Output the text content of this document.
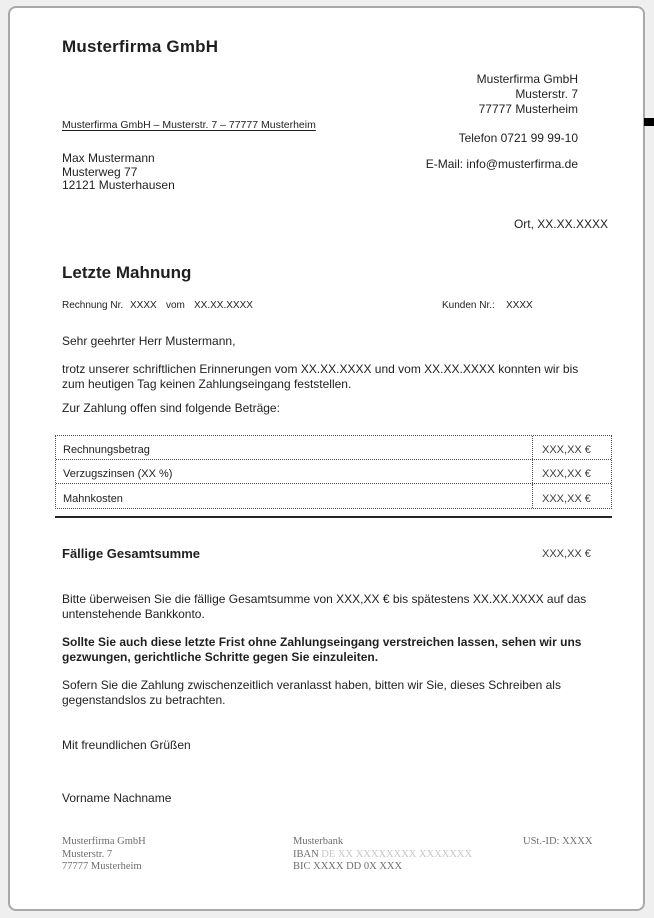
Musterfirma GmbH
Musterfirma GmbH
Musterstr. 7
77777 Musterheim
Telefon 0721 99 99-10
E-Mail: info@musterfirma.de
Musterfirma GmbH – Musterstr. 7 – 77777 Musterheim
Max Mustermann
Musterweg 77
12121 Musterhausen
Ort, XX.XX.XXXX
Letzte Mahnung
Rechnung Nr. XXXX vom XX.XX.XXXX	Kunden Nr.: XXXX
Sehr geehrter Herr Mustermann,
trotz unserer schriftlichen Erinnerungen vom XX.XX.XXXX und vom XX.XX.XXXX konnten wir bis zum heutigen Tag keinen Zahlungseingang feststellen.
Zur Zahlung offen sind folgende Beträge:
Rechnungsbetrag	XXX,XX €
Verzugszinsen (XX %)	XXX,XX €
Mahnkosten	XXX,XX €
Fällige Gesamtsumme	XXX,XX €
Bitte überweisen Sie die fällige Gesamtsumme von XXX,XX € bis spätestens XX.XX.XXXX auf das untenstehende Bankkonto.
Sollte Sie auch diese letzte Frist ohne Zahlungseingang verstreichen lassen, sehen wir uns gezwungen, gerichtliche Schritte gegen Sie einzuleiten.
Sofern Sie die Zahlung zwischenzeitlich veranlasst haben, bitten wir Sie, dieses Schreiben als gegenstandslos zu betrachten.
Mit freundlichen Grüßen
Vorname Nachname
Musterfirma GmbH
Musterstr. 7
77777 Musterheim
Musterbank
IBAN DE XX XXXXXXXX XXXXXXX
BIC XXXX DD 0X XXX
USt.-ID: XXXX
